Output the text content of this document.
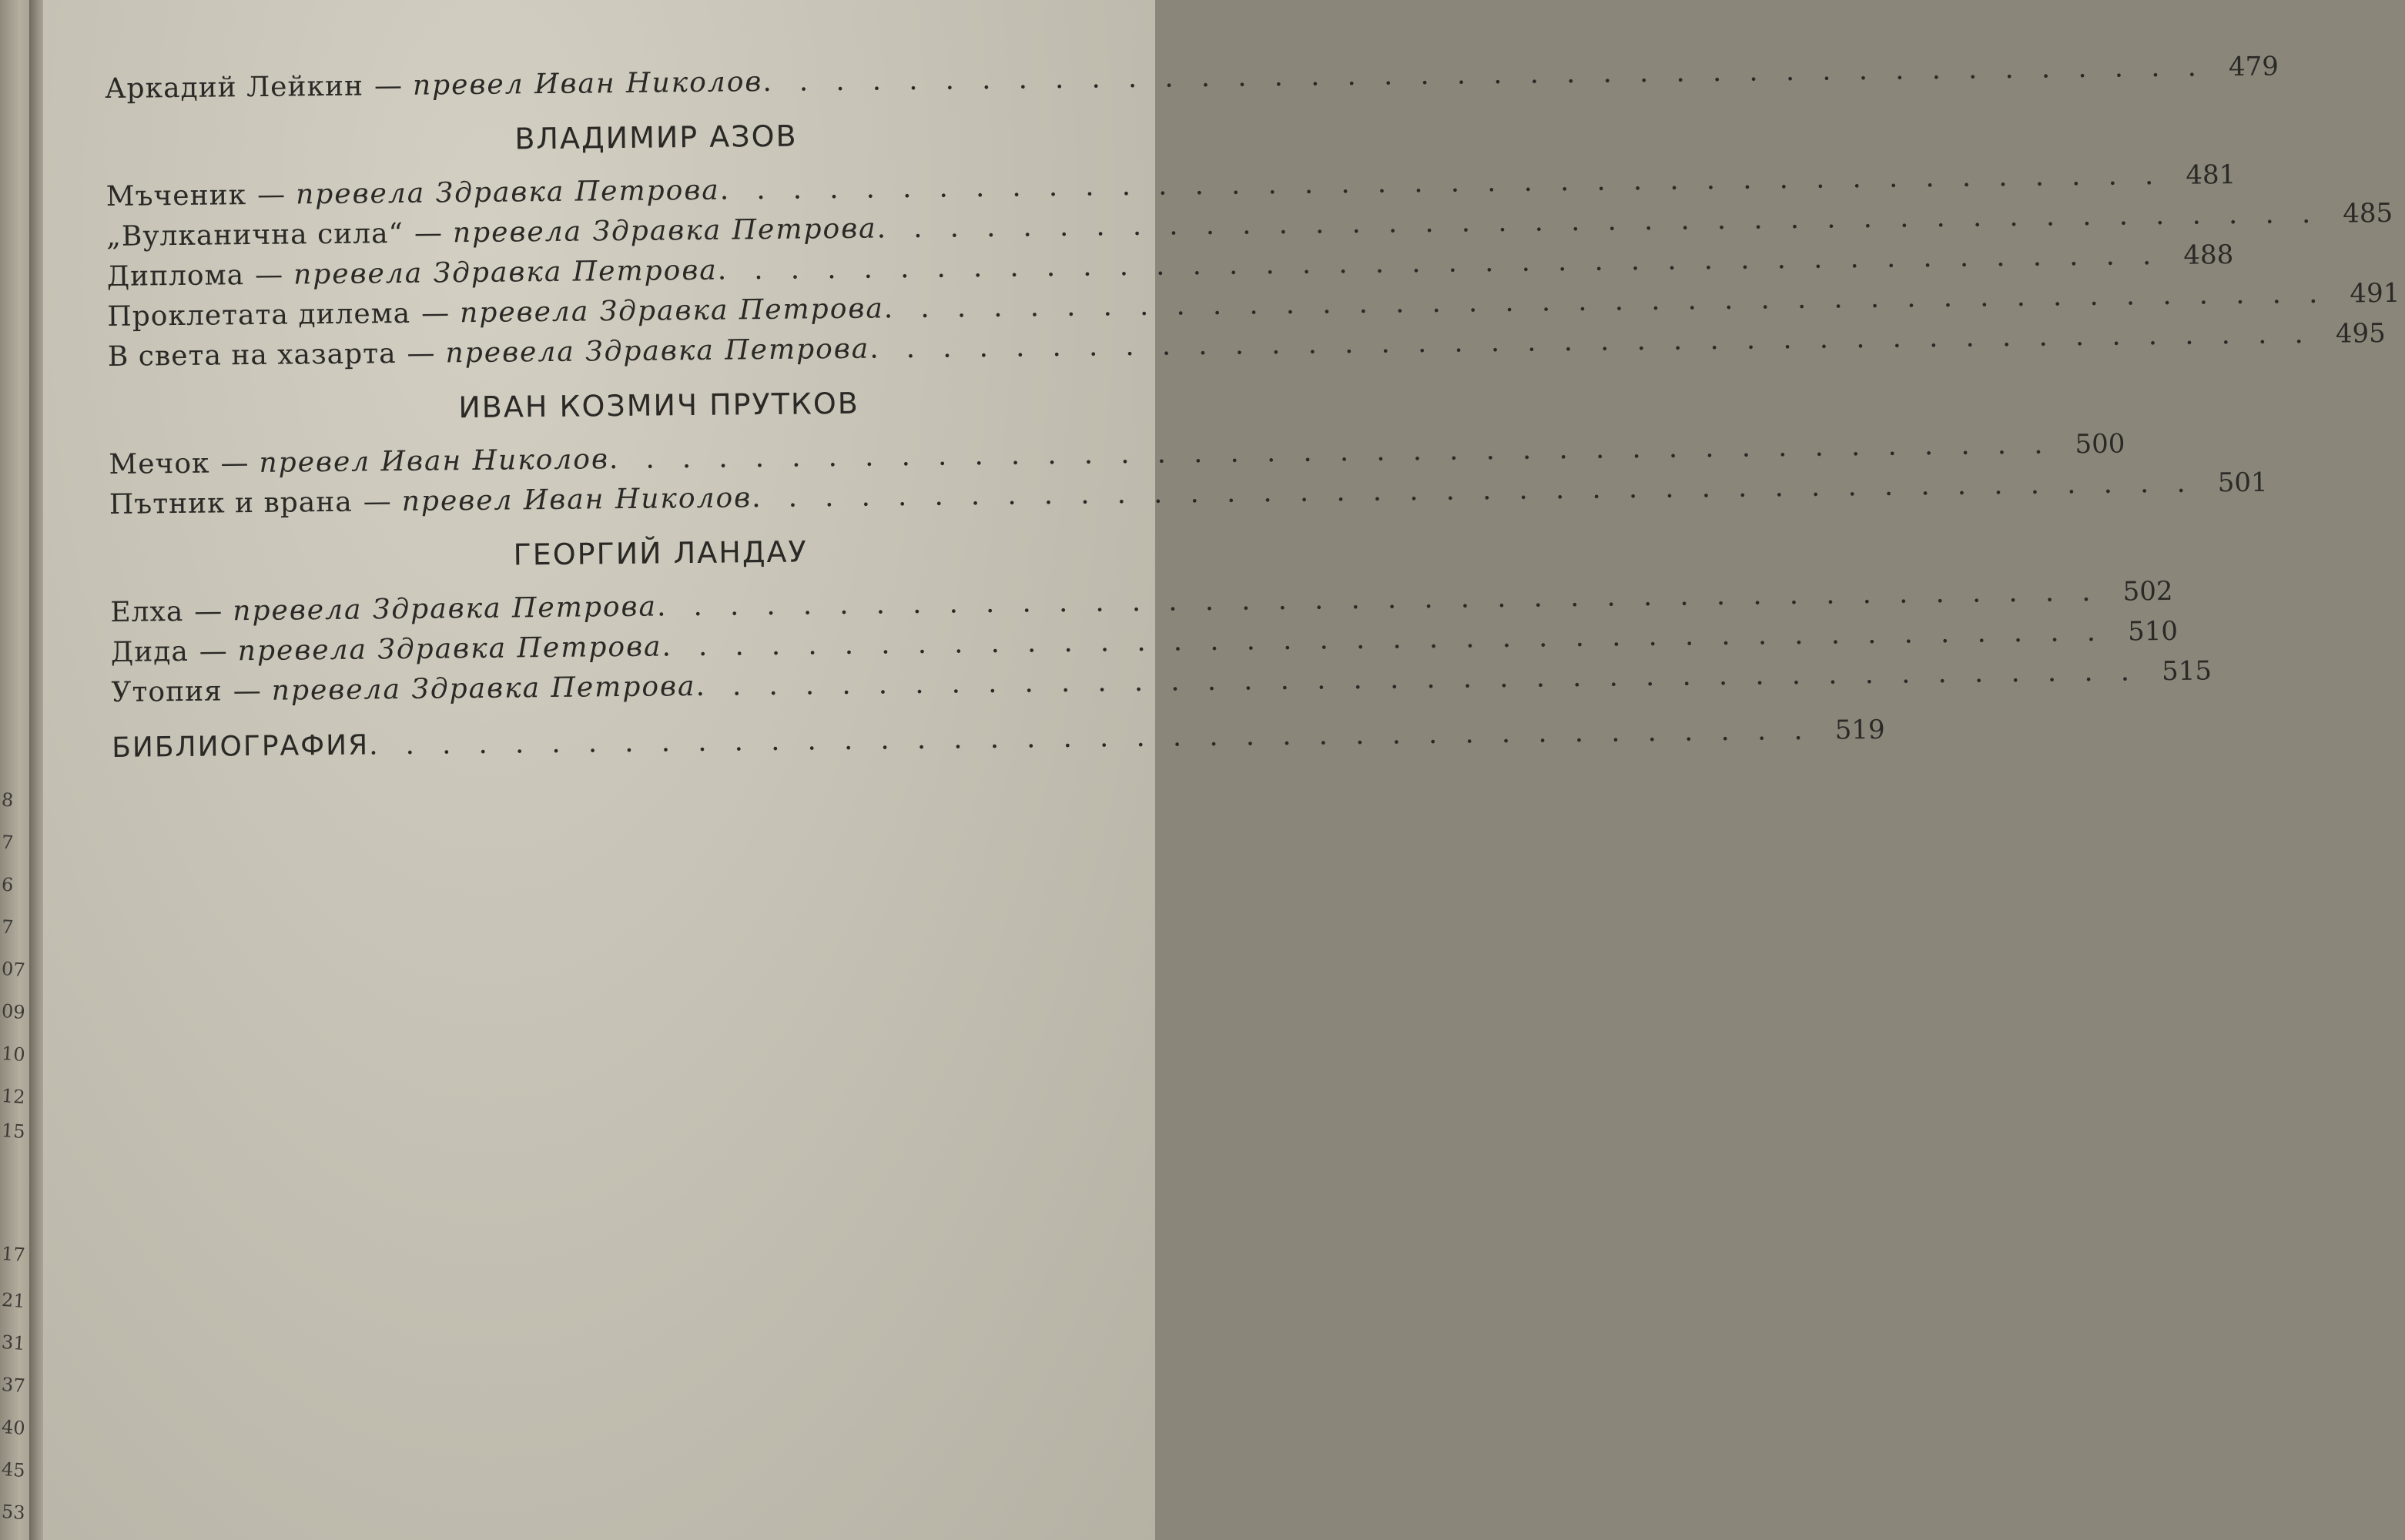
8
7
6
7
07
09
10
12
15
17
21
31
37
40
45
53
Аркадий Лейкин — превел Иван Николов ........................................ 479
ВЛАДИМИР АЗОВ
Мъченик — превела Здравка Петрова ........................................ 481
„Вулканична сила“ — превела Здравка Петрова ........................................ 485
Диплома — превела Здравка Петрова ........................................ 488
Проклетата дилема — превела Здравка Петрова ........................................ 491
В света на хазарта — превела Здравка Петрова ........................................ 495
ИВАН КОЗМИЧ ПРУТКОВ
Мечок — превел Иван Николов ........................................ 500
Пътник и врана — превел Иван Николов ........................................ 501
ГЕОРГИЙ ЛАНДАУ
Елха — превела Здравка Петрова ........................................ 502
Дида — превела Здравка Петрова ........................................ 510
Утопия — превела Здравка Петрова ........................................ 515
БИБЛИОГРАФИЯ ........................................ 519
